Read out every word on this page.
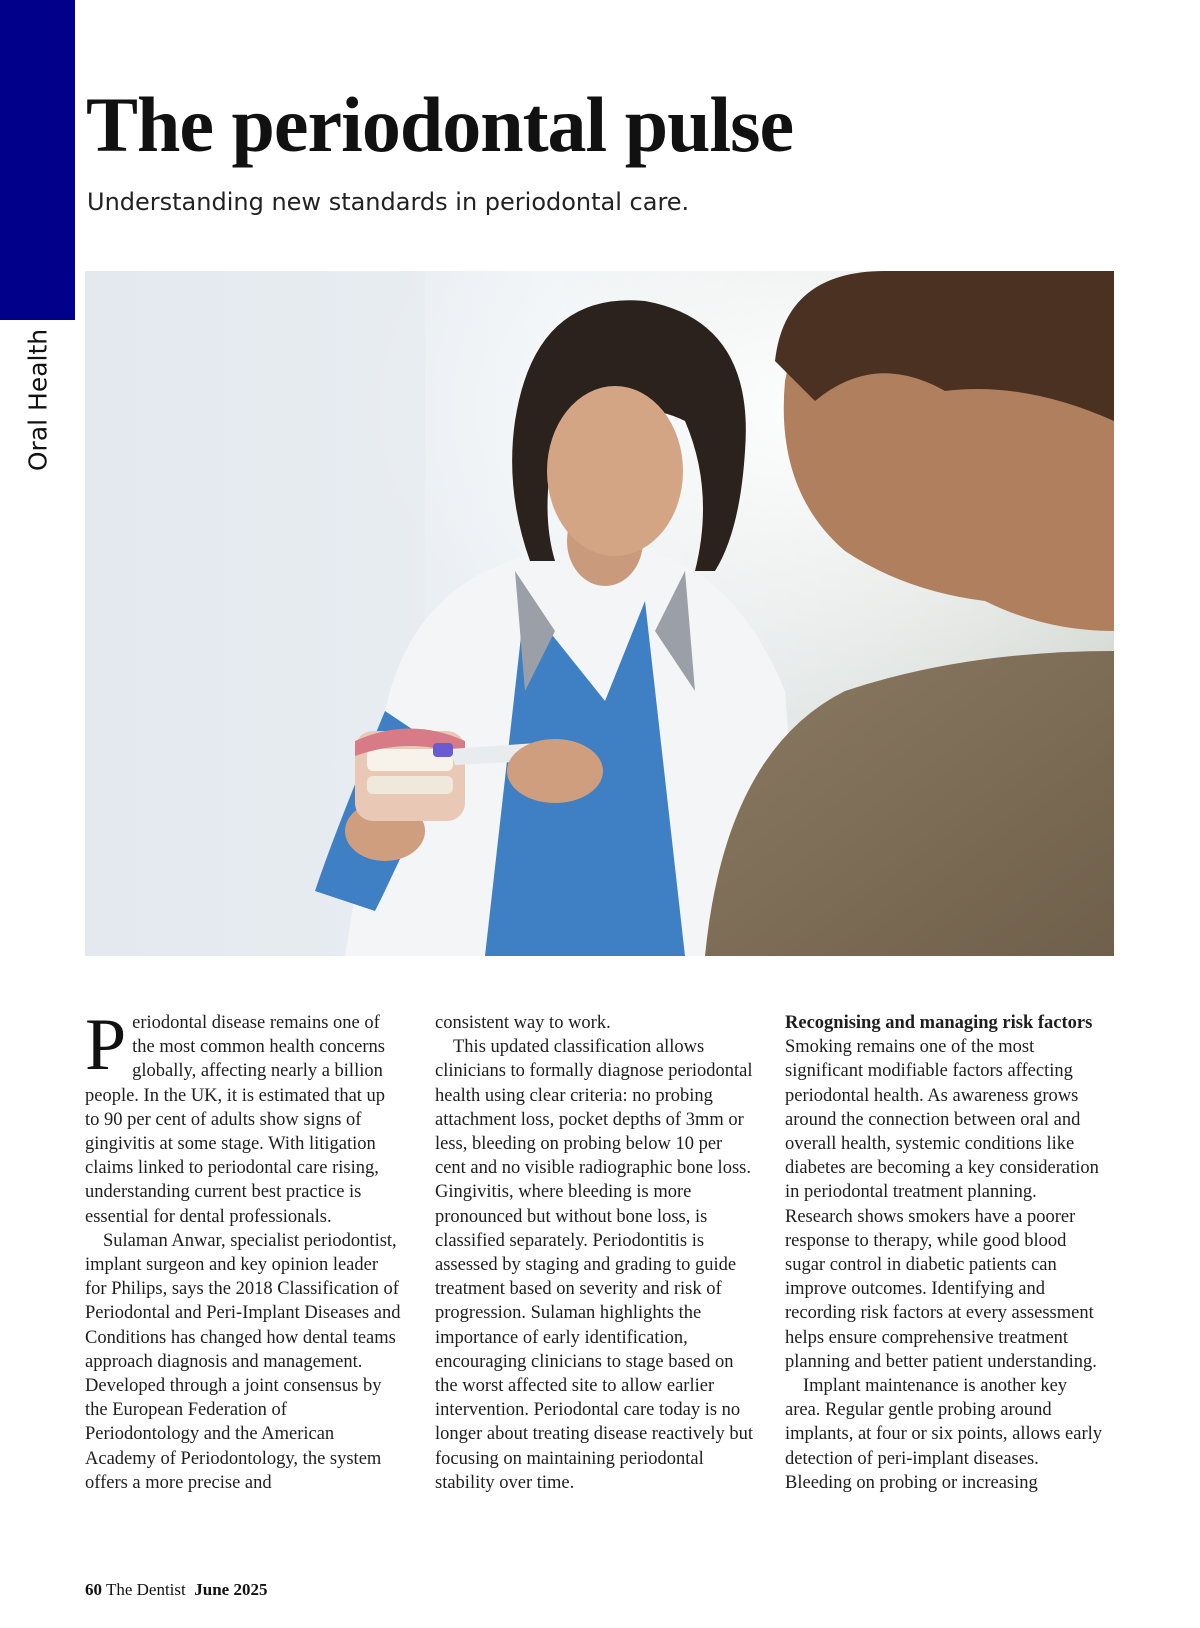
Oral Health
The periodontal pulse

Understanding new standards in periodontal care.

Periodontal disease remains one of the most common health concerns globally, affecting nearly a billion people. In the UK, it is estimated that up to 90 per cent of adults show signs of gingivitis at some stage. With litigation claims linked to periodontal care rising, understanding current best practice is essential for dental professionals.

Sulaman Anwar, specialist periodontist, implant surgeon and key opinion leader for Philips, says the 2018 Classification of Periodontal and Peri-Implant Diseases and Conditions has changed how dental teams approach diagnosis and management. Developed through a joint consensus by the European Federation of Periodontology and the American Academy of Periodontology, the system offers a more precise and

consistent way to work.

This updated classification allows clinicians to formally diagnose periodontal health using clear criteria: no probing attachment loss, pocket depths of 3mm or less, bleeding on probing below 10 per cent and no visible radiographic bone loss. Gingivitis, where bleeding is more pronounced but without bone loss, is classified separately. Periodontitis is assessed by staging and grading to guide treatment based on severity and risk of progression. Sulaman highlights the importance of early identification, encouraging clinicians to stage based on the worst affected site to allow earlier intervention. Periodontal care today is no longer about treating disease reactively but focusing on maintaining periodontal stability over time.

Recognising and managing risk factors

Smoking remains one of the most significant modifiable factors affecting periodontal health. As awareness grows around the connection between oral and overall health, systemic conditions like diabetes are becoming a key consideration in periodontal treatment planning. Research shows smokers have a poorer response to therapy, while good blood sugar control in diabetic patients can improve outcomes. Identifying and recording risk factors at every assessment helps ensure comprehensive treatment planning and better patient understanding.

Implant maintenance is another key area. Regular gentle probing around implants, at four or six points, allows early detection of peri-implant diseases. Bleeding on probing or increasing

60 The Dentist June 2025
